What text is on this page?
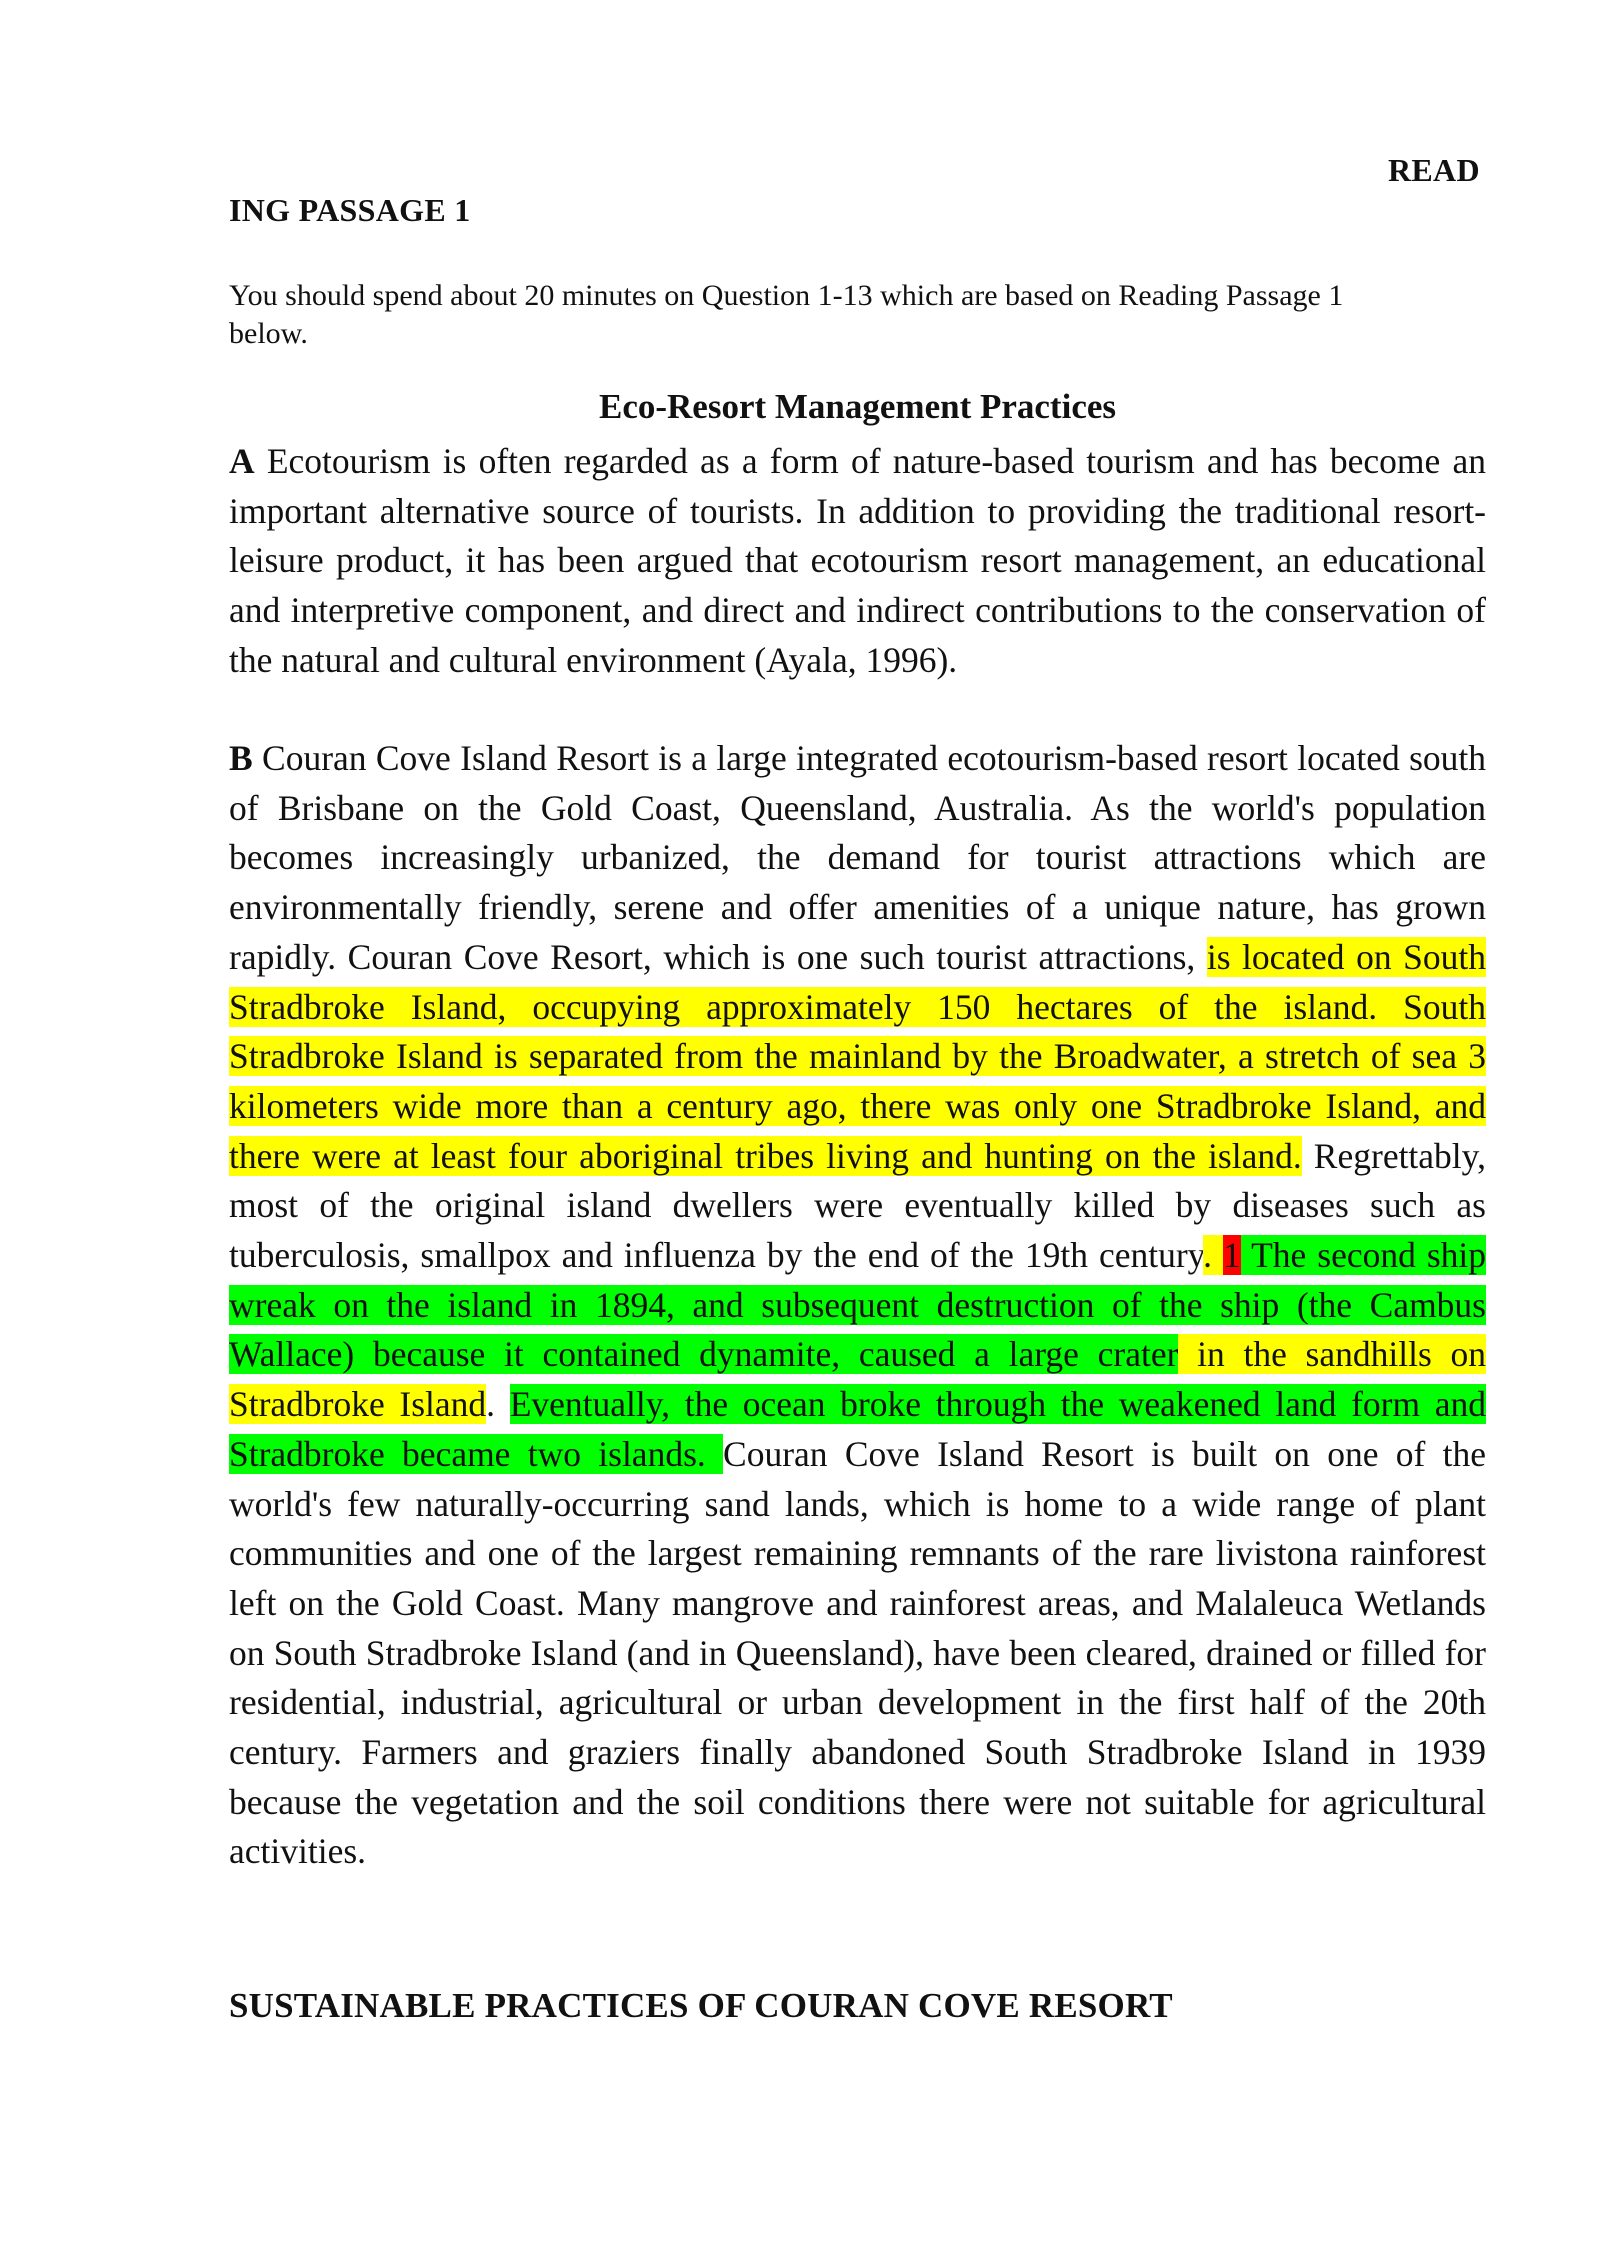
READ
ING PASSAGE 1
You should spend about 20 minutes on Question 1-13 which are based on Reading Passage 1 below.
Eco-Resort Management Practices

A Ecotourism is often regarded as a form of nature-based tourism and has become an important alternative source of tourists. In addition to providing the traditional resort-leisure product, it has been argued that ecotourism resort management, an educational and interpretive component, and direct and indirect contributions to the conservation of the natural and cultural environment (Ayala, 1996).

B Couran Cove Island Resort is a large integrated ecotourism-based resort located south of Brisbane on the Gold Coast, Queensland, Australia. As the world's population becomes increasingly urbanized, the demand for tourist attractions which are environmentally friendly, serene and offer amenities of a unique nature, has grown rapidly. Couran Cove Resort, which is one such tourist attractions, is located on South Stradbroke Island, occupying approximately 150 hectares of the island. South Stradbroke Island is separated from the mainland by the Broadwater, a stretch of sea 3 kilometers wide more than a century ago, there was only one Stradbroke Island, and there were at least four aboriginal tribes living and hunting on the island. Regrettably, most of the original island dwellers were eventually killed by diseases such as tuberculosis, smallpox and influenza by the end of the 19th century. 1 The second ship wreak on the island in 1894, and subsequent destruction of the ship (the Cambus Wallace) because it contained dynamite, caused a large crater in the sandhills on Stradbroke Island. Eventually, the ocean broke through the weakened land form and Stradbroke became two islands. Couran Cove Island Resort is built on one of the world's few naturally-occurring sand lands, which is home to a wide range of plant communities and one of the largest remaining remnants of the rare livistona rainforest left on the Gold Coast. Many mangrove and rainforest areas, and Malaleuca Wetlands on South Stradbroke Island (and in Queensland), have been cleared, drained or filled for residential, industrial, agricultural or urban development in the first half of the 20th century. Farmers and graziers finally abandoned South Stradbroke Island in 1939 because the vegetation and the soil conditions there were not suitable for agricultural activities.

SUSTAINABLE PRACTICES OF COURAN COVE RESORT
